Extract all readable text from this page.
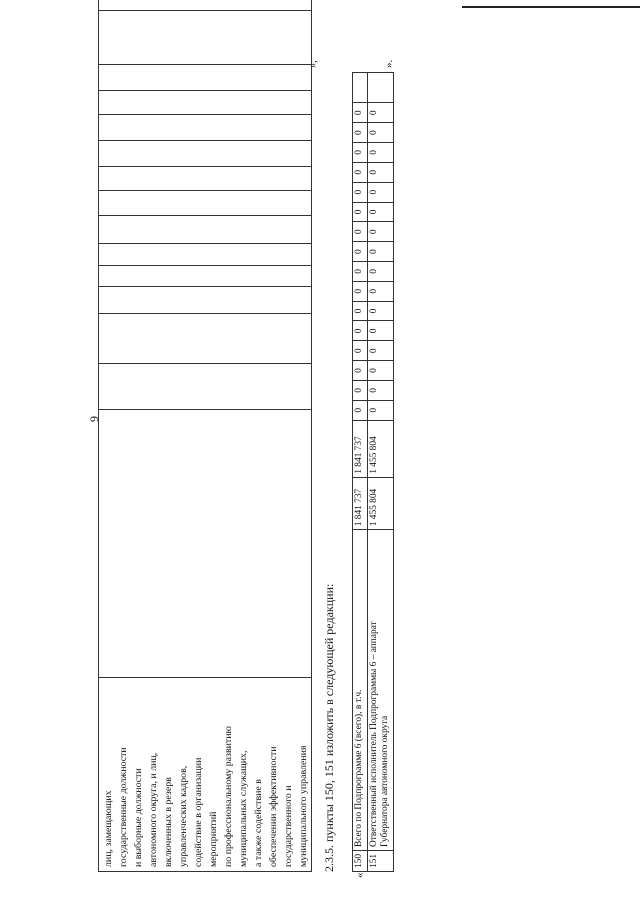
9
лиц, замещающих государственные должности и выборные должности автономного округа, и лиц, включенных в резерв управленческих кадров, содействие в организации мероприятий по профессиональному развитию муниципальных служащих, а также содействие в обеспечении эффективности государственного и муниципального управления

»;
2.3.5. пункты 150, 151 изложить в следующей редакции:
«
150	Всего по Подпрограмме 6 (всего), в т.ч.	1 841 737	1 841 737	0	0	0	0	0	0	0	0	0	0	0	0	0	0	0	0	
151	Ответственный исполнитель Подпрограммы 6 – аппарат Губернатора автономного округа	1 455 804	1 455 804	0	0	0	0	0	0	0	0	0	0	0	0	0	0	0	0	
».
